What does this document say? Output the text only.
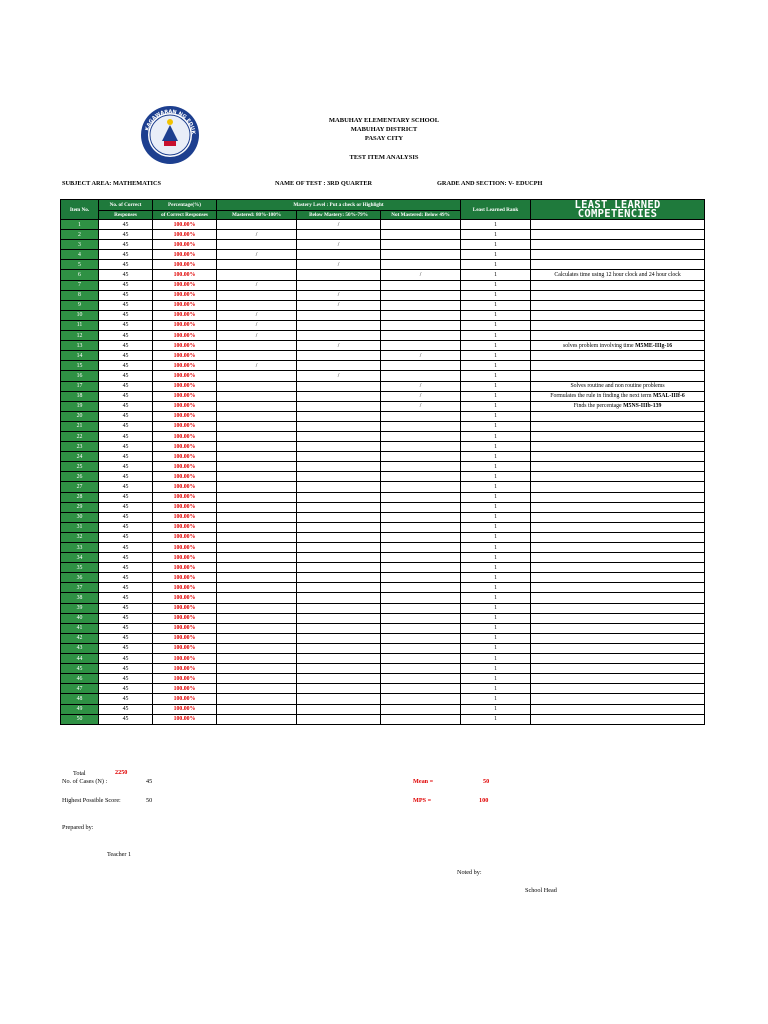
KAGAWARAN NG EDUK
MABUHAY ELEMENTARY SCHOOL
MABUHAY DISTRICT
PASAY CITY
TEST ITEM ANALYSIS
SUBJECT AREA: MATHEMATICS	NAME OF TEST : 3RD QUARTER	GRADE AND SECTION: V- EDUCPH
Item No.	No. of Correct	Percentage(%)	Mastery Level : Put a check or Highlight			Least Learned Rank	LEAST LEARNED
COMPETENCIES

	Responses	of Correct Responses	Mastered: 80%-100%	Below Mastery: 50%-79%	Not Mastered: Below 49%		
1	45	100.00%		/		1	
2	45	100.00%	/			1	
3	45	100.00%		/		1	
4	45	100.00%	/			1	
5	45	100.00%		/		1	
6	45	100.00%			/	1	Calculates time using 12 hour clock and 24 hour clock
7	45	100.00%	/			1	
8	45	100.00%		/		1	
9	45	100.00%		/		1	
10	45	100.00%	/			1	
11	45	100.00%	/			1	
12	45	100.00%	/			1	
13	45	100.00%		/		1	solves problem involving time M5ME-IIIg-16
14	45	100.00%			/	1	
15	45	100.00%	/			1	
16	45	100.00%		/		1	
17	45	100.00%			/	1	Solves routine and non routine problems
18	45	100.00%			/	1	Formulates the rule in finding the next term M5AL-IIIf-6
19	45	100.00%			/	1	Finds the percentage M5NS-IIIb-139
20	45	100.00%				1	
21	45	100.00%				1	
22	45	100.00%				1	
23	45	100.00%				1	
24	45	100.00%				1	
25	45	100.00%				1	
26	45	100.00%				1	
27	45	100.00%				1	
28	45	100.00%				1	
29	45	100.00%				1	
30	45	100.00%				1	
31	45	100.00%				1	
32	45	100.00%				1	
33	45	100.00%				1	
34	45	100.00%				1	
35	45	100.00%				1	
36	45	100.00%				1	
37	45	100.00%				1	
38	45	100.00%				1	
39	45	100.00%				1	
40	45	100.00%				1	
41	45	100.00%				1	
42	45	100.00%				1	
43	45	100.00%				1	
44	45	100.00%				1	
45	45	100.00%				1	
46	45	100.00%				1	
47	45	100.00%				1	
48	45	100.00%				1	
49	45	100.00%				1	
50	45	100.00%				1	
Total	2250
No. of Cases (N) :	45	Mean =	50
Highest Possible Score:	50	MPS =	100
Prepared by:
Teacher 1
Noted by:
School Head
